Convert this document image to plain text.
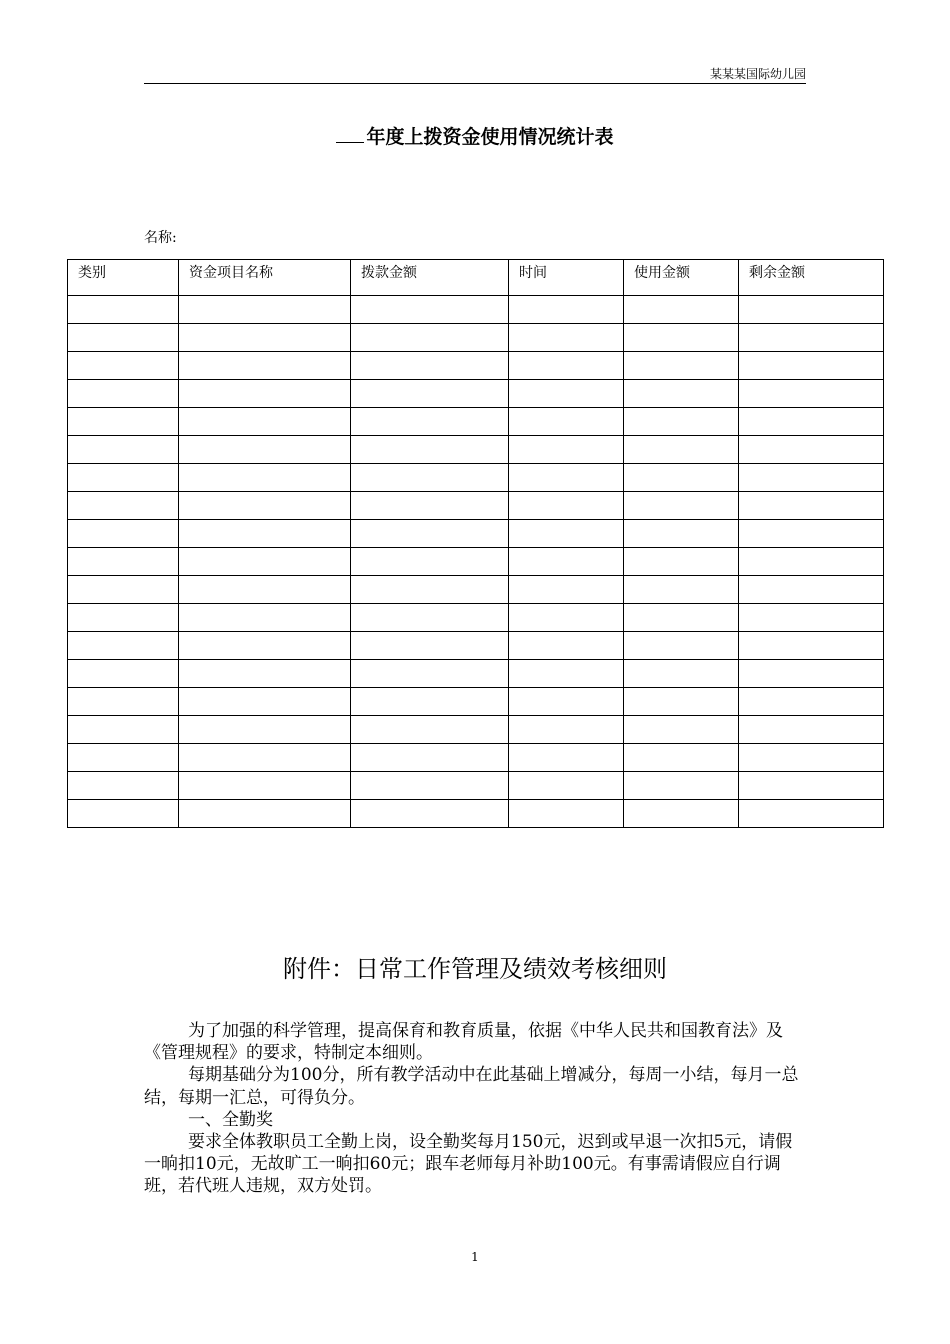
某某某国际幼儿园
年度上拨资金使用情况统计表
名称:
类别	资金项目名称	拨款金额	时间	使用金额	剩余金额

附件：日常工作管理及绩效考核细则

为了加强的科学管理，提高保育和教育质量，依据《中华人民共和国教育法》及《管理规程》的要求，特制定本细则。

每期基础分为100分，所有教学活动中在此基础上增减分，每周一小结，每月一总结，每期一汇总，可得负分。

一、全勤奖

要求全体教职员工全勤上岗，设全勤奖每月150元，迟到或早退一次扣5元，请假一晌扣10元，无故旷工一晌扣60元；跟车老师每月补助100元。有事需请假应自行调班，若代班人违规，双方处罚。

1
